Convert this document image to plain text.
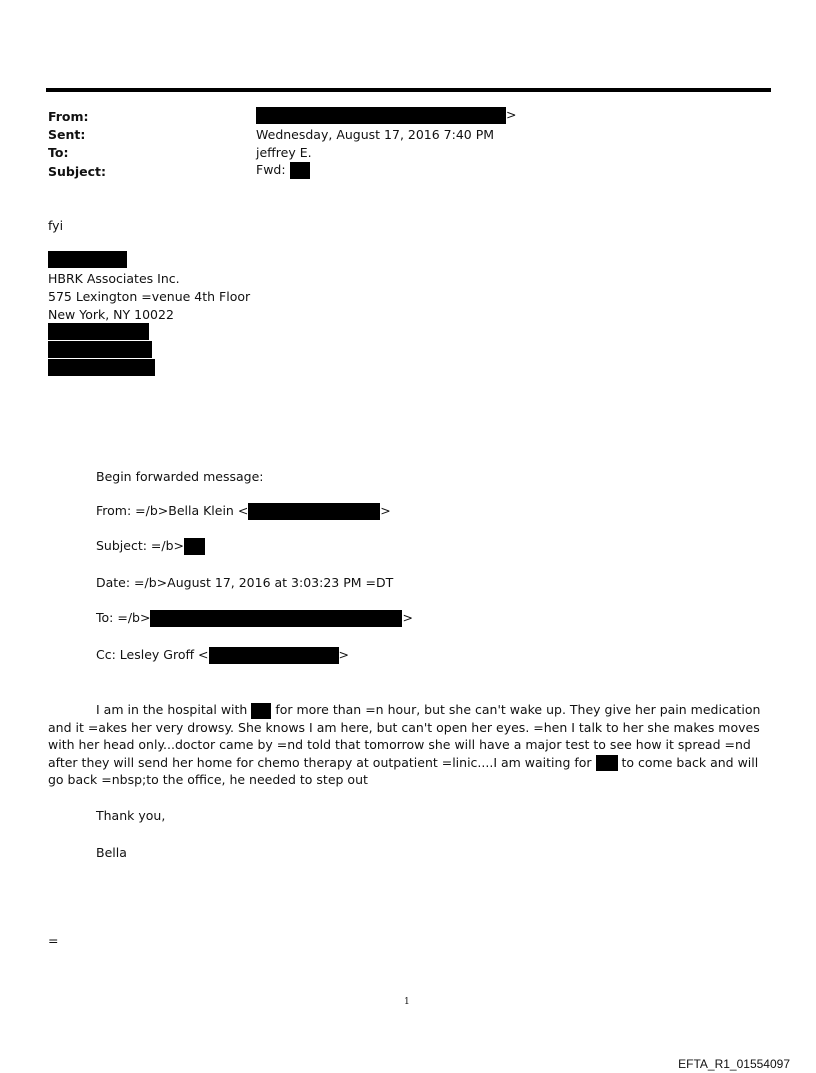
From:	>
Sent:	Wednesday, August 17, 2016 7:40 PM
To:	jeffrey E.
Subject:	Fwd:
fyi
HBRK Associates Inc.
575 Lexington =venue 4th Floor
New York, NY 10022
Begin forwarded message:
From: =/b>Bella Klein <	>
Subject: =/b>
Date: =/b>August 17, 2016 at 3:03:23 PM =DT
To: =/b>	>
Cc: Lesley Groff <	>
I am in the hospital with for more than =n hour, but she can't wake up. They give her pain medication and it =akes her very drowsy. She knows I am here, but can't open her eyes. =hen I talk to her she makes moves with her head only...doctor came by =nd told that tomorrow she will have a major test to see how it spread =nd after they will send her home for chemo therapy at outpatient =linic....I am waiting for to come back and will go back =nbsp;to the office, he needed to step out
Thank you,
Bella
=
1
EFTA_R1_01554097
